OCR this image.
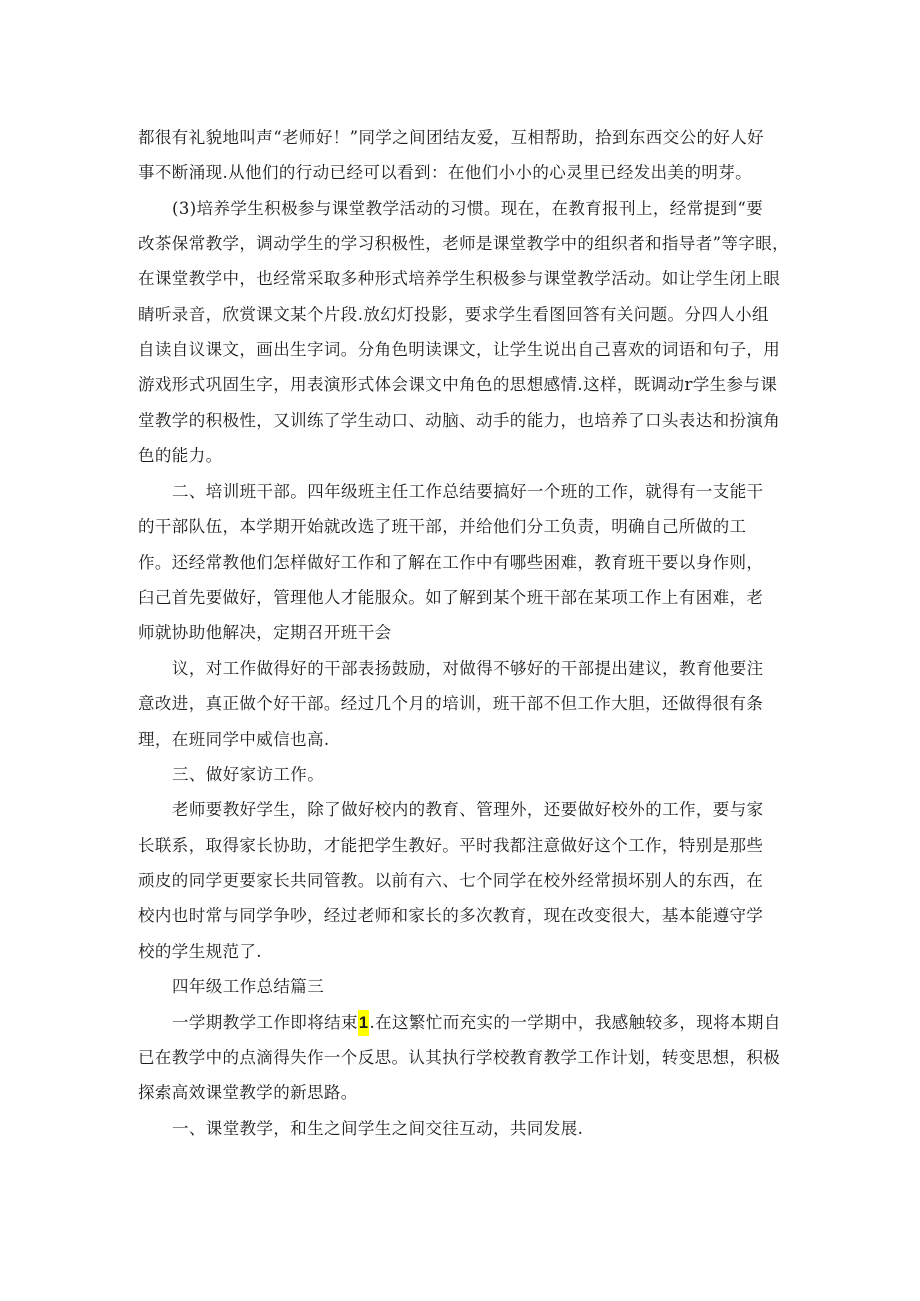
都很有礼貌地叫声“老师好！”同学之间团结友爱，互相帮助，拾到东西交公的好人好
事不断涌现.从他们的行动已经可以看到：在他们小小的心灵里已经发出美的明芽。
(3)培养学生积极参与课堂教学活动的习惯。现在，在教育报刊上，经常提到“要
改茶保常教学，调动学生的学习积极性，老师是课堂教学中的组织者和指导者”等字眼，
在课堂教学中，也经常采取多种形式培养学生积极参与课堂教学活动。如让学生闭上眼
睛听录音，欣赏课文某个片段.放幻灯投影，要求学生看图回答有关问题。分四人小组
自读自议课文，画出生字词。分角色明读课文，让学生说出自己喜欢的词语和句子，用
游戏形式巩固生字，用表演形式体会课文中角色的思想感情.这样，既调动r学生参与课
堂教学的积极性，又训练了学生动口、动脑、动手的能力，也培养了口头表达和扮演角
色的能力。
二、培训班干部。四年级班主任工作总结要搞好一个班的工作，就得有一支能干
的干部队伍，本学期开始就改选了班干部，并给他们分工负责，明确自己所做的工
作。还经常教他们怎样做好工作和了解在工作中有哪些困难，教育班干要以身作则，
臼己首先要做好，管理他人才能服众。如了解到某个班干部在某项工作上有困难，老
师就协助他解决，定期召开班干会
议，对工作做得好的干部表扬鼓励，对做得不够好的干部提出建议，教育他要注
意改进，真正做个好干部。经过几个月的培训，班干部不但工作大胆，还做得很有条
理，在班同学中威信也高.
三、做好家访工作。
老师要教好学生，除了做好校内的教育、管理外，还要做好校外的工作，要与家
长联系，取得家长协助，才能把学生教好。平时我都注意做好这个工作，特别是那些
顽皮的同学更要家长共同管教。以前有六、七个同学在校外经常损坏别人的东西，在
校内也时常与同学争吵，经过老师和家长的多次教育，现在改变很大，基本能遵守学
校的学生规范了.
四年级工作总结篇三
一学期教学工作即将结束1.在这繁忙而充实的一学期中，我感触较多，现将本期自
已在教学中的点滴得失作一个反思。认其执行学校教育教学工作计划，转变思想，积极
探索高效课堂教学的新思路。
一、课堂教学，和生之间学生之间交往互动，共同发展.
